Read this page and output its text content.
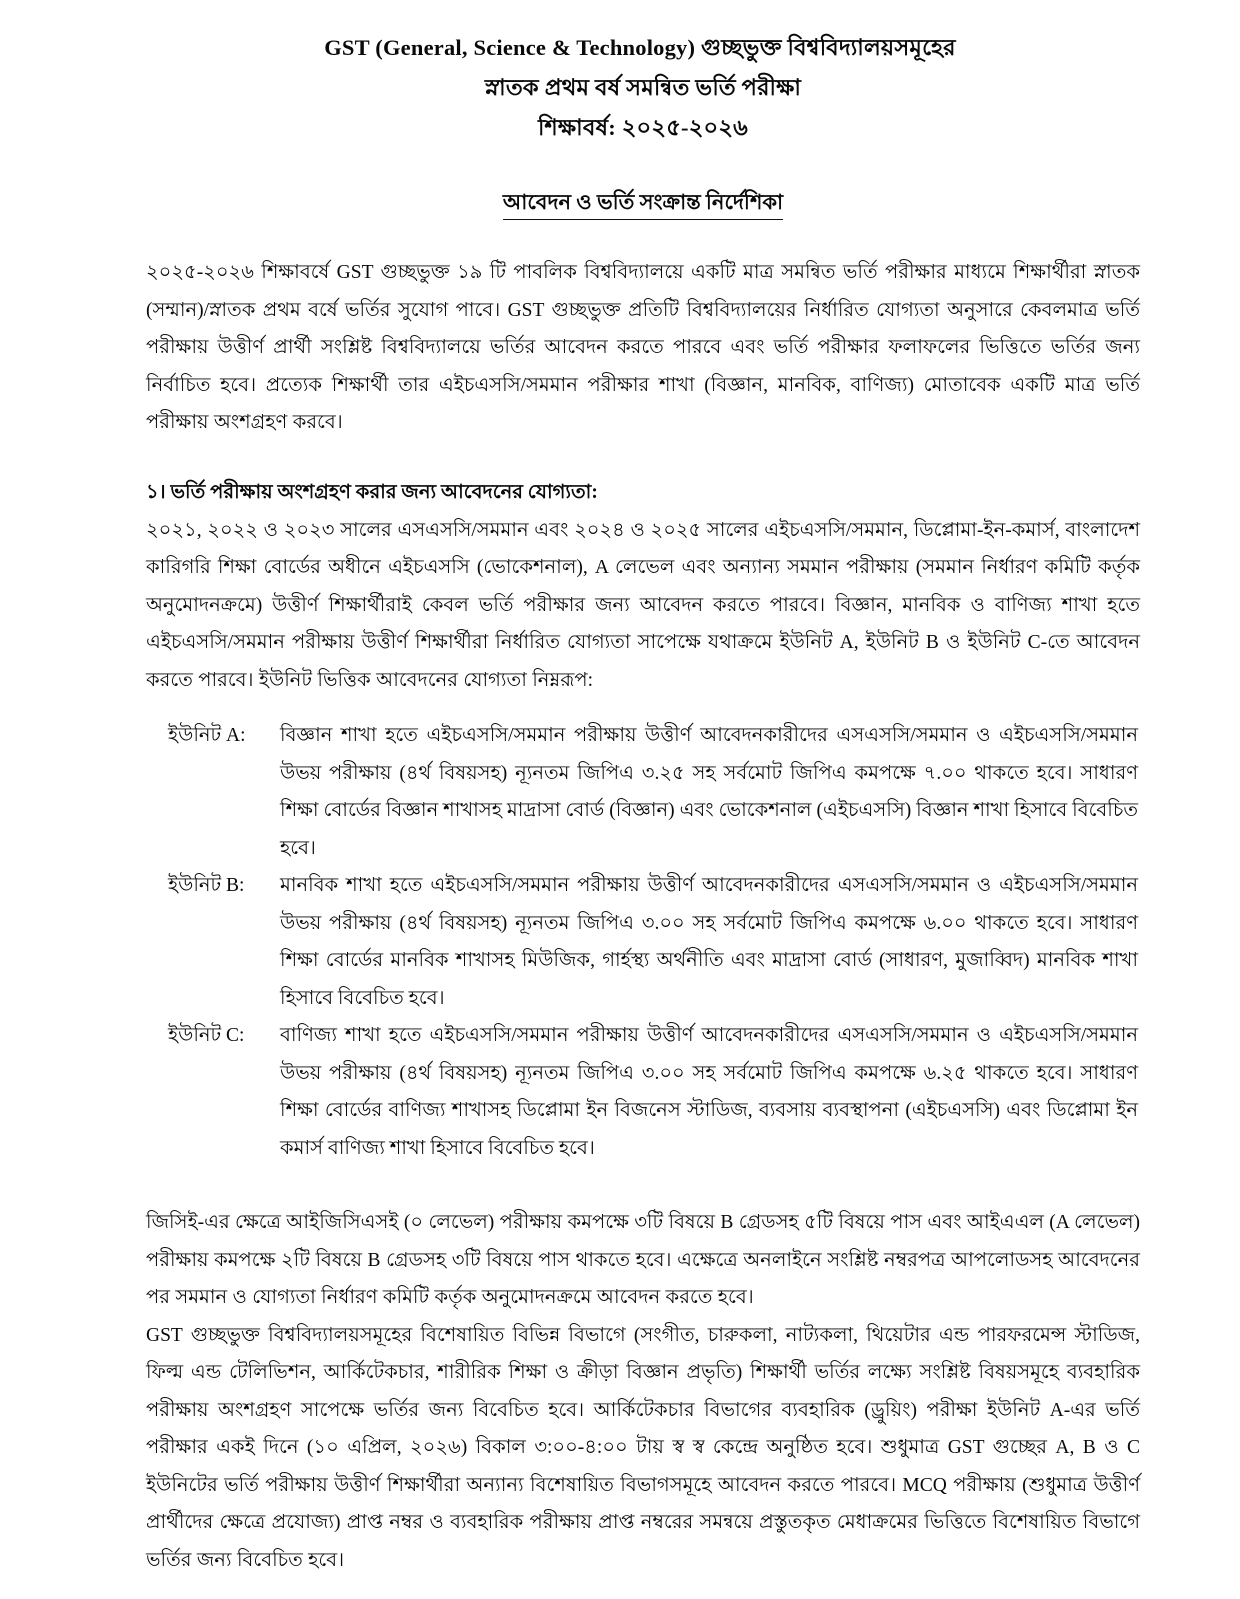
GST (General, Science & Technology) গুচ্ছভুক্ত বিশ্ববিদ্যালয়সমূহের
স্নাতক প্রথম বর্ষ সমন্বিত ভর্তি পরীক্ষা
শিক্ষাবর্ষ: ২০২৫-২০২৬
আবেদন ও ভর্তি সংক্রান্ত নির্দেশিকা

২০২৫-২০২৬ শিক্ষাবর্ষে GST গুচ্ছভুক্ত ১৯ টি পাবলিক বিশ্ববিদ্যালয়ে একটি মাত্র সমন্বিত ভর্তি পরীক্ষার মাধ্যমে শিক্ষার্থীরা স্নাতক (সম্মান)/স্নাতক প্রথম বর্ষে ভর্তির সুযোগ পাবে। GST গুচ্ছভুক্ত প্রতিটি বিশ্ববিদ্যালয়ের নির্ধারিত যোগ্যতা অনুসারে কেবলমাত্র ভর্তি পরীক্ষায় উত্তীর্ণ প্রার্থী সংশ্লিষ্ট বিশ্ববিদ্যালয়ে ভর্তির আবেদন করতে পারবে এবং ভর্তি পরীক্ষার ফলাফলের ভিত্তিতে ভর্তির জন্য নির্বাচিত হবে। প্রত্যেক শিক্ষার্থী তার এইচএসসি/সমমান পরীক্ষার শাখা (বিজ্ঞান, মানবিক, বাণিজ্য) মোতাবেক একটি মাত্র ভর্তি পরীক্ষায় অংশগ্রহণ করবে।

১। ভর্তি পরীক্ষায় অংশগ্রহণ করার জন্য আবেদনের যোগ্যতা:

২০২১, ২০২২ ও ২০২৩ সালের এসএসসি/সমমান এবং ২০২৪ ও ২০২৫ সালের এইচএসসি/সমমান, ডিপ্লোমা-ইন-কমার্স, বাংলাদেশ কারিগরি শিক্ষা বোর্ডের অধীনে এইচএসসি (ভোকেশনাল), A লেভেল এবং অন্যান্য সমমান পরীক্ষায় (সমমান নির্ধারণ কমিটি কর্তৃক অনুমোদনক্রমে) উত্তীর্ণ শিক্ষার্থীরাই কেবল ভর্তি পরীক্ষার জন্য আবেদন করতে পারবে। বিজ্ঞান, মানবিক ও বাণিজ্য শাখা হতে এইচএসসি/সমমান পরীক্ষায় উত্তীর্ণ শিক্ষার্থীরা নির্ধারিত যোগ্যতা সাপেক্ষে যথাক্রমে ইউনিট A, ইউনিট B ও ইউনিট C-তে আবেদন করতে পারবে। ইউনিট ভিত্তিক আবেদনের যোগ্যতা নিম্নরূপ:

ইউনিট A:	বিজ্ঞান শাখা হতে এইচএসসি/সমমান পরীক্ষায় উত্তীর্ণ আবেদনকারীদের এসএসসি/সমমান ও এইচএসসি/সমমান উভয় পরীক্ষায় (৪র্থ বিষয়সহ) ন্যূনতম জিপিএ ৩.২৫ সহ সর্বমোট জিপিএ কমপক্ষে ৭.০০ থাকতে হবে। সাধারণ শিক্ষা বোর্ডের বিজ্ঞান শাখাসহ মাদ্রাসা বোর্ড (বিজ্ঞান) এবং ভোকেশনাল (এইচএসসি) বিজ্ঞান শাখা হিসাবে বিবেচিত হবে।
ইউনিট B:	মানবিক শাখা হতে এইচএসসি/সমমান পরীক্ষায় উত্তীর্ণ আবেদনকারীদের এসএসসি/সমমান ও এইচএসসি/সমমান উভয় পরীক্ষায় (৪র্থ বিষয়সহ) ন্যূনতম জিপিএ ৩.০০ সহ সর্বমোট জিপিএ কমপক্ষে ৬.০০ থাকতে হবে। সাধারণ শিক্ষা বোর্ডের মানবিক শাখাসহ মিউজিক, গার্হস্থ্য অর্থনীতি এবং মাদ্রাসা বোর্ড (সাধারণ, মুজাব্বিদ) মানবিক শাখা হিসাবে বিবেচিত হবে।
ইউনিট C:	বাণিজ্য শাখা হতে এইচএসসি/সমমান পরীক্ষায় উত্তীর্ণ আবেদনকারীদের এসএসসি/সমমান ও এইচএসসি/সমমান উভয় পরীক্ষায় (৪র্থ বিষয়সহ) ন্যূনতম জিপিএ ৩.০০ সহ সর্বমোট জিপিএ কমপক্ষে ৬.২৫ থাকতে হবে। সাধারণ শিক্ষা বোর্ডের বাণিজ্য শাখাসহ ডিপ্লোমা ইন বিজনেস স্টাডিজ, ব্যবসায় ব্যবস্থাপনা (এইচএসসি) এবং ডিপ্লোমা ইন কমার্স বাণিজ্য শাখা হিসাবে বিবেচিত হবে।

জিসিই-এর ক্ষেত্রে আইজিসিএসই (০ লেভেল) পরীক্ষায় কমপক্ষে ৩টি বিষয়ে B গ্রেডসহ ৫টি বিষয়ে পাস এবং আইএএল (A লেভেল) পরীক্ষায় কমপক্ষে ২টি বিষয়ে B গ্রেডসহ ৩টি বিষয়ে পাস থাকতে হবে। এক্ষেত্রে অনলাইনে সংশ্লিষ্ট নম্বরপত্র আপলোডসহ আবেদনের পর সমমান ও যোগ্যতা নির্ধারণ কমিটি কর্তৃক অনুমোদনক্রমে আবেদন করতে হবে।

GST গুচ্ছভুক্ত বিশ্ববিদ্যালয়সমূহের বিশেষায়িত বিভিন্ন বিভাগে (সংগীত, চারুকলা, নাট্যকলা, থিয়েটার এন্ড পারফরমেন্স স্টাডিজ, ফিল্ম এন্ড টেলিভিশন, আর্কিটেকচার, শারীরিক শিক্ষা ও ক্রীড়া বিজ্ঞান প্রভৃতি) শিক্ষার্থী ভর্তির লক্ষ্যে সংশ্লিষ্ট বিষয়সমূহে ব্যবহারিক পরীক্ষায় অংশগ্রহণ সাপেক্ষে ভর্তির জন্য বিবেচিত হবে। আর্কিটেকচার বিভাগের ব্যবহারিক (ড্রুয়িং) পরীক্ষা ইউনিট A-এর ভর্তি পরীক্ষার একই দিনে (১০ এপ্রিল, ২০২৬) বিকাল ৩:০০-৪:০০ টায় স্ব স্ব কেন্দ্রে অনুষ্ঠিত হবে। শুধুমাত্র GST গুচ্ছের A, B ও C ইউনিটের ভর্তি পরীক্ষায় উত্তীর্ণ শিক্ষার্থীরা অন্যান্য বিশেষায়িত বিভাগসমূহে আবেদন করতে পারবে। MCQ পরীক্ষায় (শুধুমাত্র উত্তীর্ণ প্রার্থীদের ক্ষেত্রে প্রযোজ্য) প্রাপ্ত নম্বর ও ব্যবহারিক পরীক্ষায় প্রাপ্ত নম্বরের সমন্বয়ে প্রস্তুতকৃত মেধাক্রমের ভিত্তিতে বিশেষায়িত বিভাগে ভর্তির জন্য বিবেচিত হবে।
